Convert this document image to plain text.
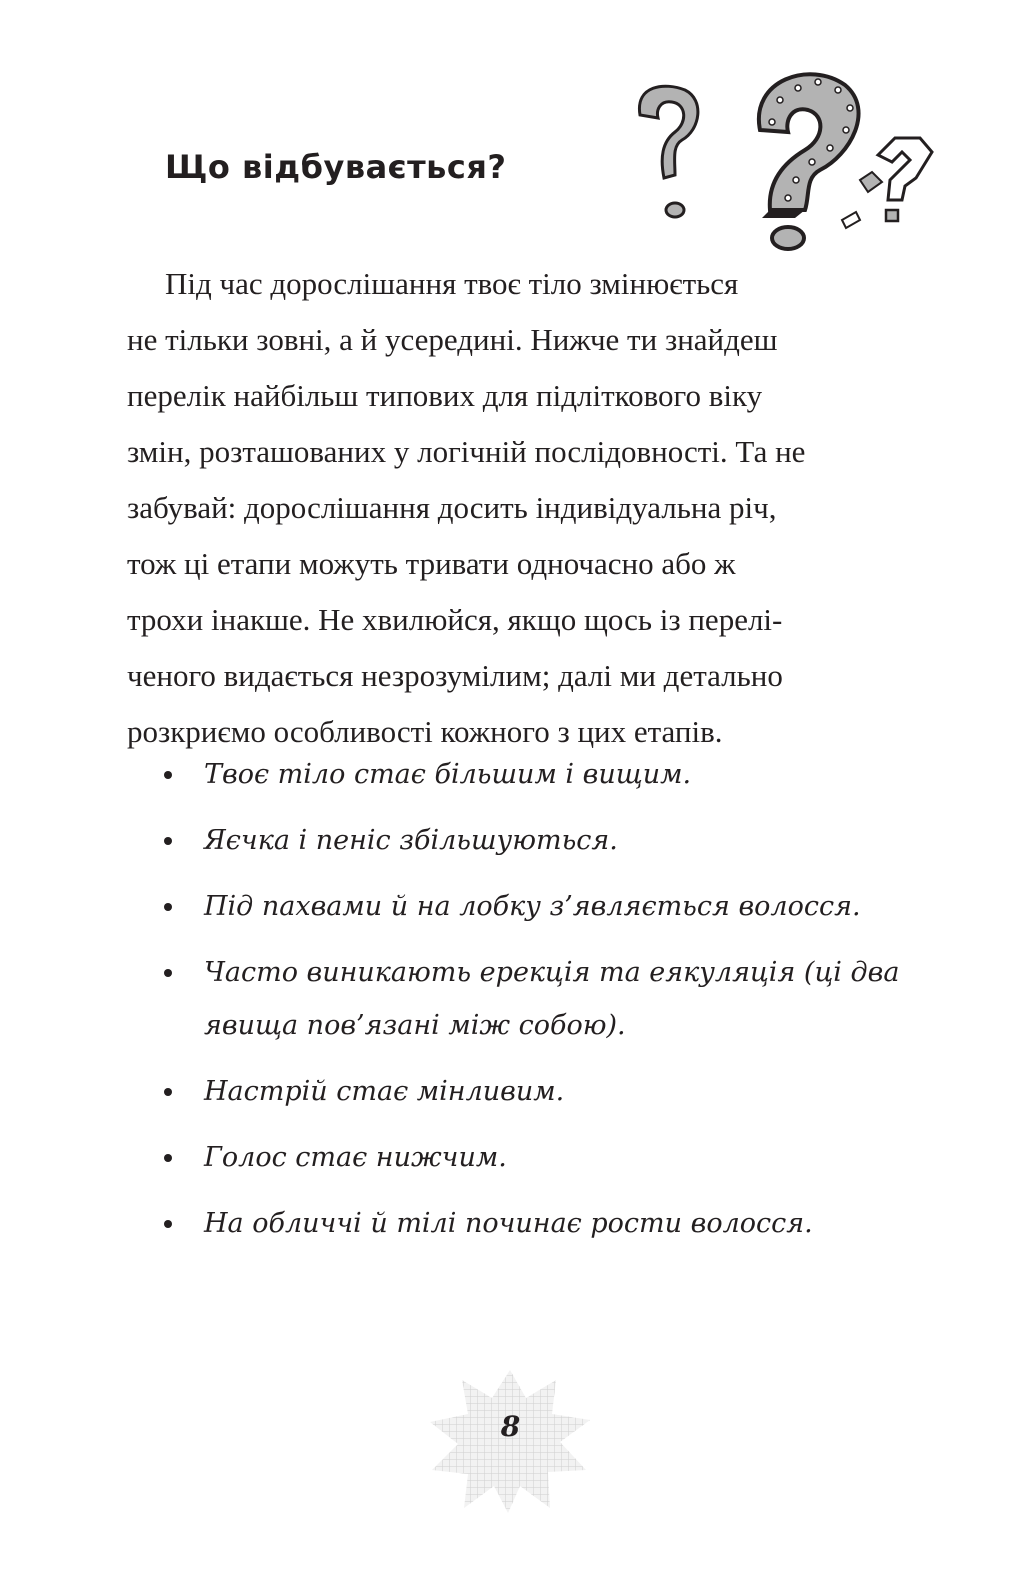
Що відбувається?
Під час дорослішання твоє тіло змінюється
не тільки зовні, а й усередині. Нижче ти знайдеш
перелік найбільш типових для підліткового віку
змін, розташованих у логічній послідовності. Та не
забувай: дорослішання досить індивідуальна річ,
тож ці етапи можуть тривати одночасно або ж
трохи інакше. Не хвилюйся, якщо щось із перелі-
ченого видається незрозумілим; далі ми детально
розкриємо особливості кожного з цих етапів.
Твоє тіло стає більшим і вищим.
Яєчка і пеніс збільшуються.
Під пахвами й на лобку з’являється волосся.
Часто виникають ерекція та еякуляція (ці два
явища пов’язані між собою).
Настрій стає мінливим.
Голос стає нижчим.
На обличчі й тілі починає рости волосся.
8
